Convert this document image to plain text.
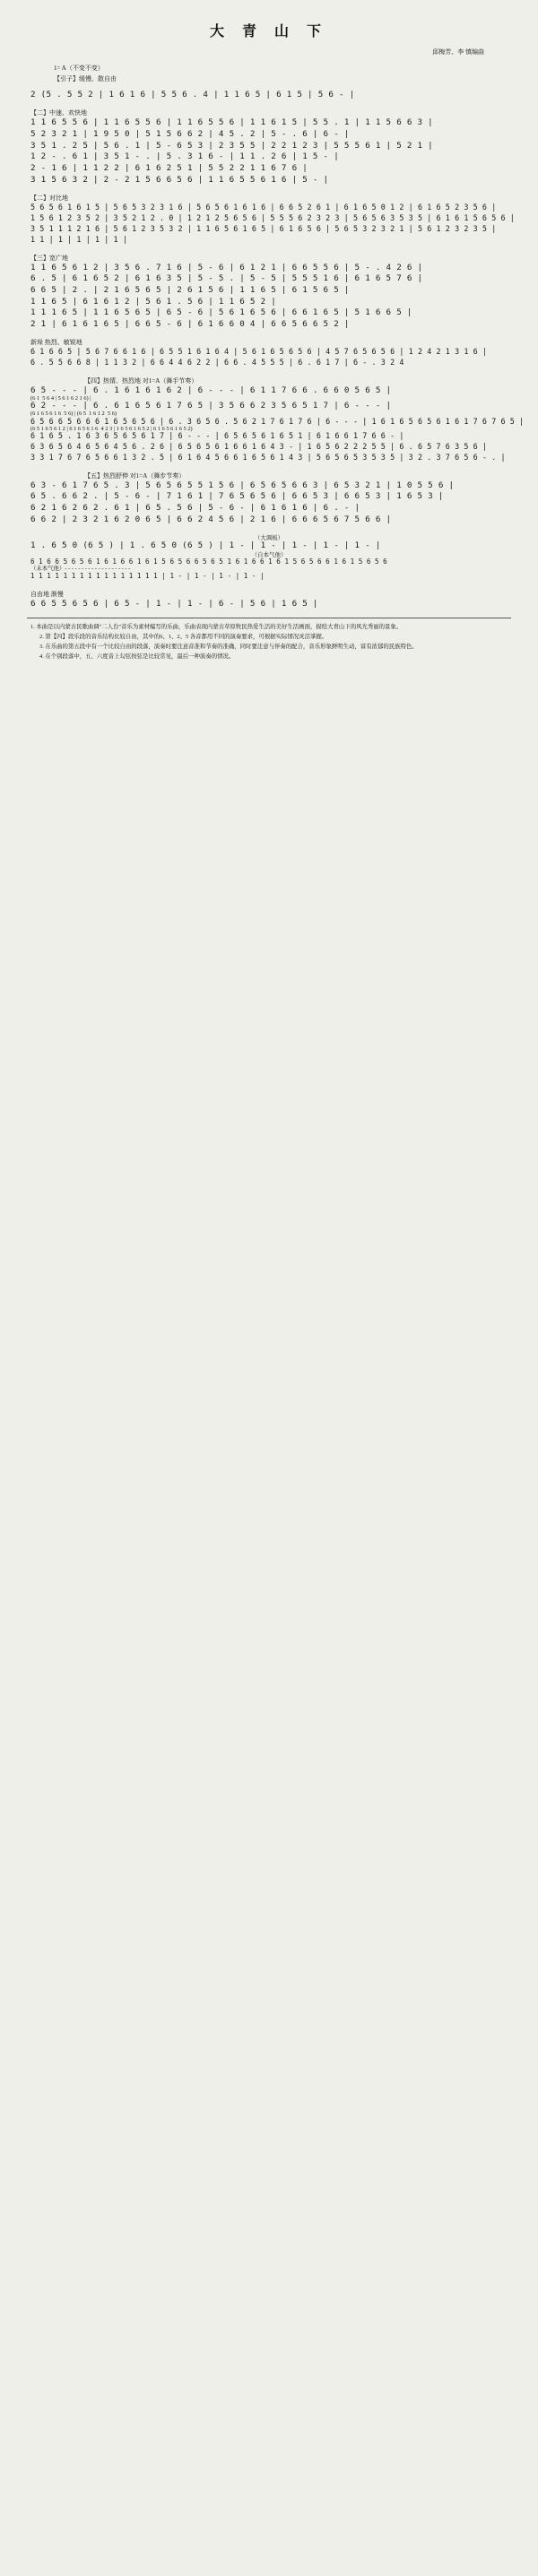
大 青 山 下
邱梅芳、李 慎编曲
1= A（不变不变）
【引子】缓慢、散自由
2 (5 . 5 5 2 | 1 6 1 6 | 5 5 6 . 4 | 1 1 6 5 | 6 1 5 | 5 6 - |
【二】中速、欢快地
1 1 6 5 5 6 | 1 1 6 5 5 6 | 1 1 6 5 5 6 | 1 1 6 1 5 | 5 5 . 1 | 1 1 5 6 6 3 |
5 2 3 2 1 | 1 9 5 0 | 5 1 5 6 6 2 | 4 5 . 2 | 5 - . 6 | 6 - |
3 5 1 . 2 5 | 5 6 . 1 | 5 - 6 5 3 | 2 3 5 5 | 2 2 1 2 3 | 5 5 5 6 1 | 5 2 1 |
1 2 - . 6 1 | 3 5 1 - . | 5 . 3 1 6 - | 1 1 . 2 6 | 1 5 - |
2 - 1 6 | 1 1 2 2 | 6 1 6 2 5 1 | 5 5 2 2 1 1 6 7 6 |
3 1 5 6 3 2 | 2 - 2 1 5 6 6 5 6 | 1 1 6 5 5 6 1 6 | 5 - |
【二】对比地
5 6 5 6 1 6 1 5 | 5 6 5 3 2 3 1 6 | 5 6 5 6 1 6 1 6 | 6 6 5 2 6 1 | 6 1 6 5 0 1 2 | 6 1 6 5 2 3 5 6 |
1 5 6 1 2 3 5 2 | 3 5 2 1 2 . 0 | 1 2 1 2 5 6 5 6 | 5 5 5 6 2 3 2 3 | 5 6 5 6 3 5 3 5 | 6 1 6 1 5 6 5 6 |
3 5 1 1 1 2 1 6 | 5 6 1 2 3 5 3 2 | 1 1 6 5 6 1 6 5 | 6 1 6 5 6 | 5 6 5 3 2 3 2 1 | 5 6 1 2 3 2 3 5 |
1 1 | 1 | 1 | 1 | 1 |
【三】宽广地
1 1 6 5 6 1 2 | 3 5 6 . 7 1 6 | 5 - 6 | 6 1 2 1 | 6 6 5 5 6 | 5 - . 4 2 6 |
6 . 5 | 6 1 6 5 2 | 6 1 6 3 5 | 5 - 5 . | 5 - 5 | 5 5 5 1 6 | 6 1 6 5 7 6 |
6 6 5 | 2 . | 2 1 6 5 6 5 | 2 6 1 5 6 | 1 1 6 5 | 6 1 5 6 5 |
1 1 6 5 | 6 1 6 1 2 | 5 6 1 . 5 6 | 1 1 6 5 2 |
1 1 1 6 5 | 1 1 6 5 6 5 | 6 5 - 6 | 5 6 1 6 5 6 | 6 6 1 6 5 | 5 1 6 6 5 |
2 1 | 6 1 6 1 6 5 | 6 6 5 - 6 | 6 1 6 6 0 4 | 6 6 5 6 6 5 2 |
新垛 热烈、敏锐地
6 1 6 6 5 | 5 6 7 6 6 1 6 | 6 5 5 1 6 1 6 4 | 5 6 1 6 5 6 5 6 | 4 5 7 6 5 6 5 6 | 1 2 4 2 1 3 1 6 |
6 . 5 5 6 6 8 | 1 1 3 2 | 6 6 4 4 6 2 2 | 6 6 . 4 5 5 5 | 6 . 6 1 7 | 6 - . 3 2 4
【四】热情、热烈地 对1=A（舞手节奏）
6 5 - - - | 6 . 1 6 1 6 1 6 2 | 6 - - - | 6 1 1 7 6 6 . 6 6 0 5 6 5 |
(6 1  5 6 4 | 5 6 1 6 2 1 6) |
6 2 - - - | 6 . 6 1 6 5 6 1 7 6 5 | 3 5 6 6 2 3 5 6 5 1 7 | 6 - - - |
(6 1 6 5 6 1 6  5 6) | (6 5  1 6 1 2  5 6)
6 5 6 6 5 6 6 6 1 6 5 6 5 6 | 6 . 3 6 5 6 . 5 6 2 1 7 6 1 7 6 | 6 - - - | 1 6 1 6 5 6 5 6 1 6 1 7 6 7 6 5 |
(6 5 1 6 5 6 1 2 | 6 1 6 5 6 1 6  4 2 3 | 1 6 5 6 1 6 5 2 | 6 1 6 5 6 1 6 5 2)
6 1 6 5 . 1 6 3 6 5 6 5 6 1 7 | 6 - - - | 6 5 6 5 6 1 6 5 1 | 6 1 6 6 1 7 6 6 - |
6 3 6 5 6 4 6 5 6 4 5 6 . 2 6 | 6 5 6 5 6 1 6 6 1 6 4 3 - | 1 6 5 6 2 2 2 5 5 | 6 . 6 5 7 6 3 5 6 |
3 3 1 7 6 7 6 5 6 6 1 3 2 . 5 | 6 1 6 4 5 6 6 1 6 5 6 1 4 3 | 5 6 5 6 5 3 5 3 5 | 3 2 . 3 7 6 5 6 - . |
【五】热烈舒伸 对1=A（舞步节奏）
6 3 - 6 1 7 6 5 . 3 | 5 6 5 6 5 5 1 5 6 | 6 5 6 5 6 6 3 | 6 5 3 2 1 | 1 0 5 5 6 |
6 5 . 6 6 2 . | 5 - 6 - | 7 1 6 1 | 7 6 5 6 5 6 | 6 6 5 3 | 6 6 5 3 | 1 6 5 3 |
6 2 1 6 2 6 2 . 6 1 | 6 5 . 5 6 | 5 - 6 - | 6 1 6 1 6 | 6 . - |
6 6 2 | 2 3 2 1 6 2 0 6 5 | 6 6 2 4 5 6 | 2 1 6 | 6 6 6 5 6 7 5 6 6 |
（大调板）
1 . 6 5 0 (6 5 ) | 1 . 6 5 0 (6 5 ) | 1 - | 1 - | 1 - | 1 - | 1 - |
（自本气他）
6 1 6 6 5 6 5 6 1 6 1 6 6 1 6 1 5 6 5 6 6 5 6 5 1 6 1 6 6 1 6 1 5 6 5 6 6 1 6 1 5 6 5 6
（未本气他）- - - - - - - - - - - - - - - - - - - -
1 1 1 1 1 1 1 1 1 1 1 1 1 1 1 1 | 1 - | 1 - | 1 - | 1 - |
自由地 渐慢
6 6 5 5 6 5 6 | 6 5 - | 1 - | 1 - | 6 - | 5 6 | 1 6 5 |

1. 本曲是以内蒙古民歌曲调"二人台"音乐为素材编写的乐曲，乐曲表现内蒙古草原牧民热爱生活的美好生活画面，描绘大青山下的风光秀丽的景象。

2. 第【四】段乐段的音乐结构比较自由，其中的6、1、2、5 各音都用不同的演奏要求，可根据实际情况灵活掌握。

3. 在乐曲的第五段中有一个比较自由的段落，演奏时要注意音准和节奏的准确，同时要注意与伴奏的配合，音乐形象鲜明生动，富有浓郁的民族特色。

4. 在个别段落中，五、六度音上勾弦按弦是比较常见，最后一种演奏的情况。
